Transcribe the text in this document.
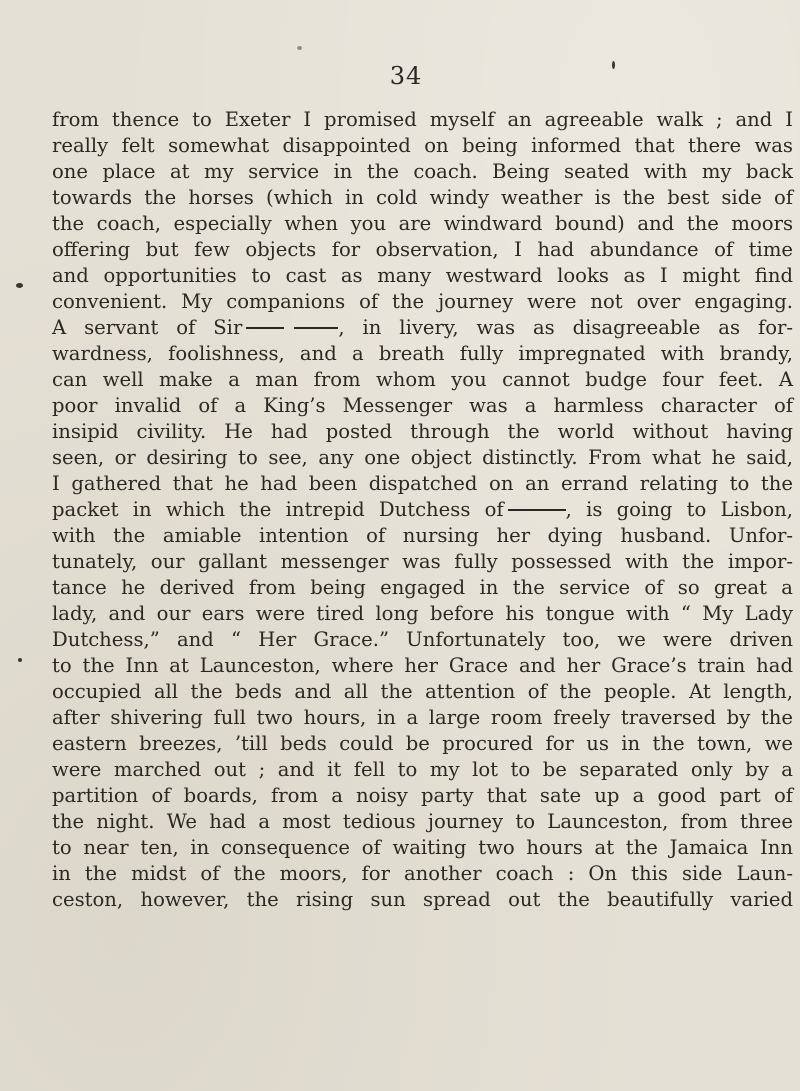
34
from thence to Exeter I promised myself an agreeable walk ; and I
really felt somewhat disappointed on being informed that there was
one place at my service in the coach. Being seated with my back
towards the horses (which in cold windy weather is the best side of
the coach, especially when you are windward bound) and the moors
offering but few objects for observation, I had abundance of time
and opportunities to cast as many westward looks as I might find
convenient. My companions of the journey were not over engaging.
A servant of Sir	, in livery, was as disagreeable as for-
wardness, foolishness, and a breath fully impregnated with brandy,
can well make a man from whom you cannot budge four feet. A
poor invalid of a King’s Messenger was a harmless character of
insipid civility. He had posted through the world without having
seen, or desiring to see, any one object distinctly. From what he said,
I gathered that he had been dispatched on an errand relating to the
packet in which the intrepid Dutchess of	, is going to Lisbon,
with the amiable intention of nursing her dying husband. Unfor-
tunately, our gallant messenger was fully possessed with the impor-
tance he derived from being engaged in the service of so great a
lady, and our ears were tired long before his tongue with “ My Lady
Dutchess,” and “ Her Grace.” Unfortunately too, we were driven
to the Inn at Launceston, where her Grace and her Grace’s train had
occupied all the beds and all the attention of the people. At length,
after shivering full two hours, in a large room freely traversed by the
eastern breezes, ’till beds could be procured for us in the town, we
were marched out ; and it fell to my lot to be separated only by a
partition of boards, from a noisy party that sate up a good part of
the night. We had a most tedious journey to Launceston, from three
to near ten, in consequence of waiting two hours at the Jamaica Inn
in the midst of the moors, for another coach : On this side Laun-
ceston, however, the rising sun spread out the beautifully varied
